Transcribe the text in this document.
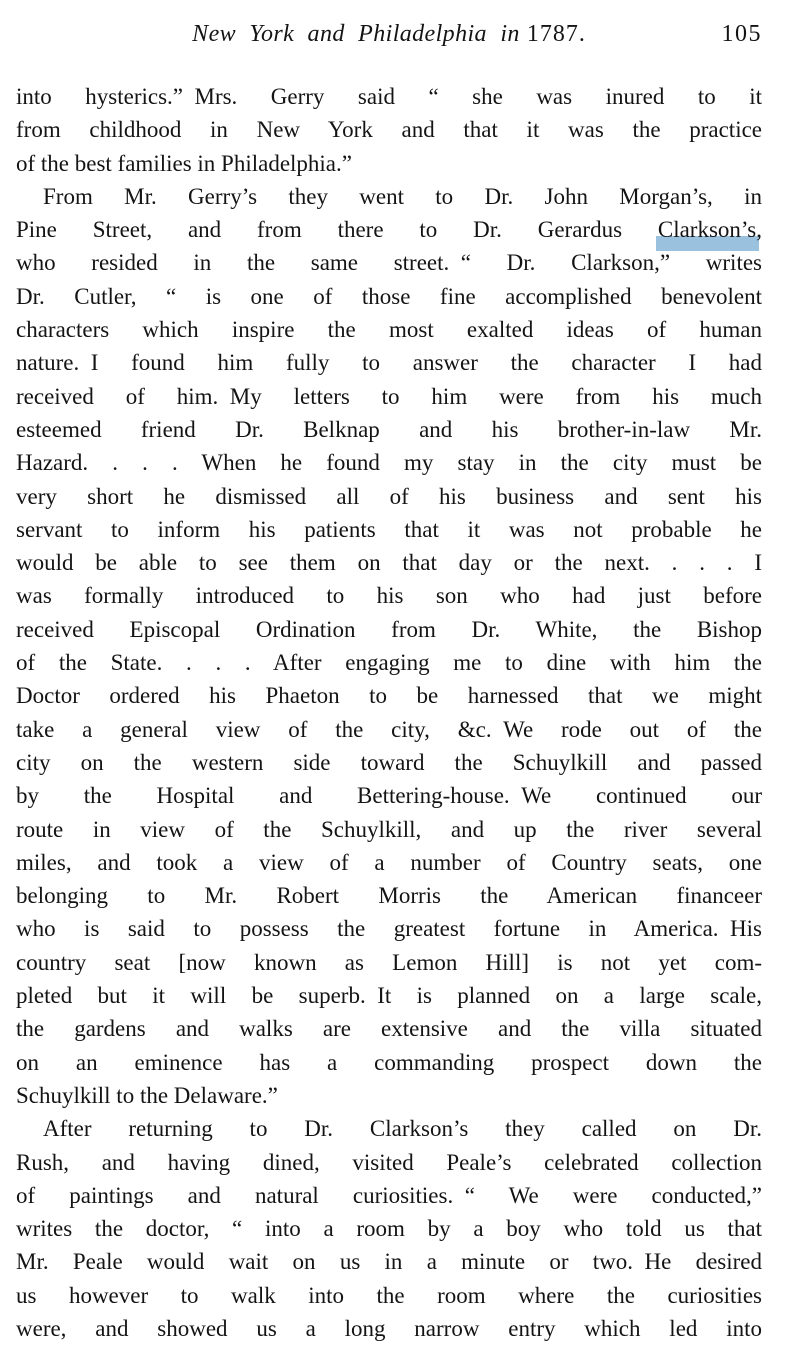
New York and Philadelphia in 1787.	105
into hysterics.” Mrs. Gerry said “ she was inured to it
from childhood in New York and that it was the practice
of the best families in Philadelphia.”
From Mr. Gerry’s they went to Dr. John Morgan’s, in
Pine Street, and from there to Dr. Gerardus Clarkson’s,
who resided in the same street. “ Dr. Clarkson,” writes
Dr. Cutler, “ is one of those fine accomplished benevolent
characters which inspire the most exalted ideas of human
nature. I found him fully to answer the character I had
received of him. My letters to him were from his much
esteemed friend Dr. Belknap and his brother-in-law Mr.
Hazard. . . . When he found my stay in the city must be
very short he dismissed all of his business and sent his
servant to inform his patients that it was not probable he
would be able to see them on that day or the next. . . . I
was formally introduced to his son who had just before
received Episcopal Ordination from Dr. White, the Bishop
of the State. . . . After engaging me to dine with him the
Doctor ordered his Phaeton to be harnessed that we might
take a general view of the city, &c. We rode out of the
city on the western side toward the Schuylkill and passed
by the Hospital and Bettering-house. We continued our
route in view of the Schuylkill, and up the river several
miles, and took a view of a number of Country seats, one
belonging to Mr. Robert Morris the American financeer
who is said to possess the greatest fortune in America. His
country seat [now known as Lemon Hill] is not yet com-
pleted but it will be superb. It is planned on a large scale,
the gardens and walks are extensive and the villa situated
on an eminence has a commanding prospect down the
Schuylkill to the Delaware.”
After returning to Dr. Clarkson’s they called on Dr.
Rush, and having dined, visited Peale’s celebrated collection
of paintings and natural curiosities. “ We were conducted,”
writes the doctor, “ into a room by a boy who told us that
Mr. Peale would wait on us in a minute or two. He desired
us however to walk into the room where the curiosities
were, and showed us a long narrow entry which led into
